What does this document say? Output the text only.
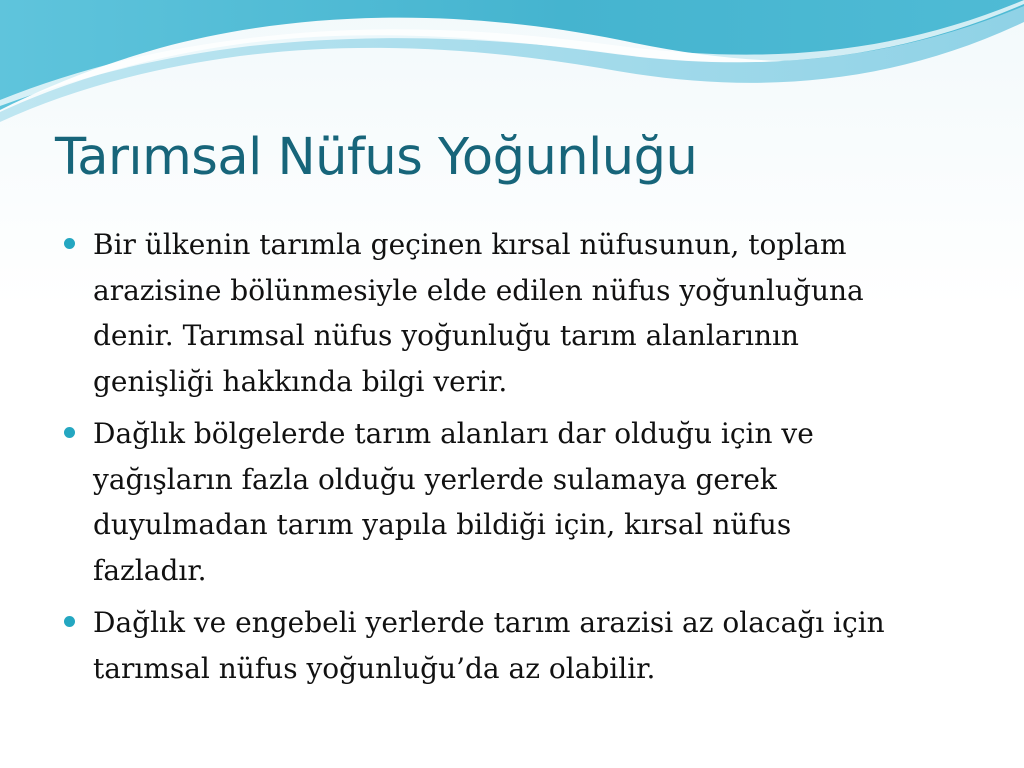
Tarımsal Nüfus Yoğunluğu
Bir ülkenin tarımla geçinen kırsal nüfusunun, toplam
arazisine bölünmesiyle elde edilen nüfus yoğunluğuna
denir. Tarımsal nüfus yoğunluğu tarım alanlarının
genişliği hakkında bilgi verir.
Dağlık bölgelerde tarım alanları dar olduğu için ve
yağışların fazla olduğu yerlerde sulamaya gerek
duyulmadan tarım yapıla bildiği için, kırsal nüfus
fazladır.
Dağlık ve engebeli yerlerde tarım arazisi az olacağı için
tarımsal nüfus yoğunluğu’da az olabilir.
